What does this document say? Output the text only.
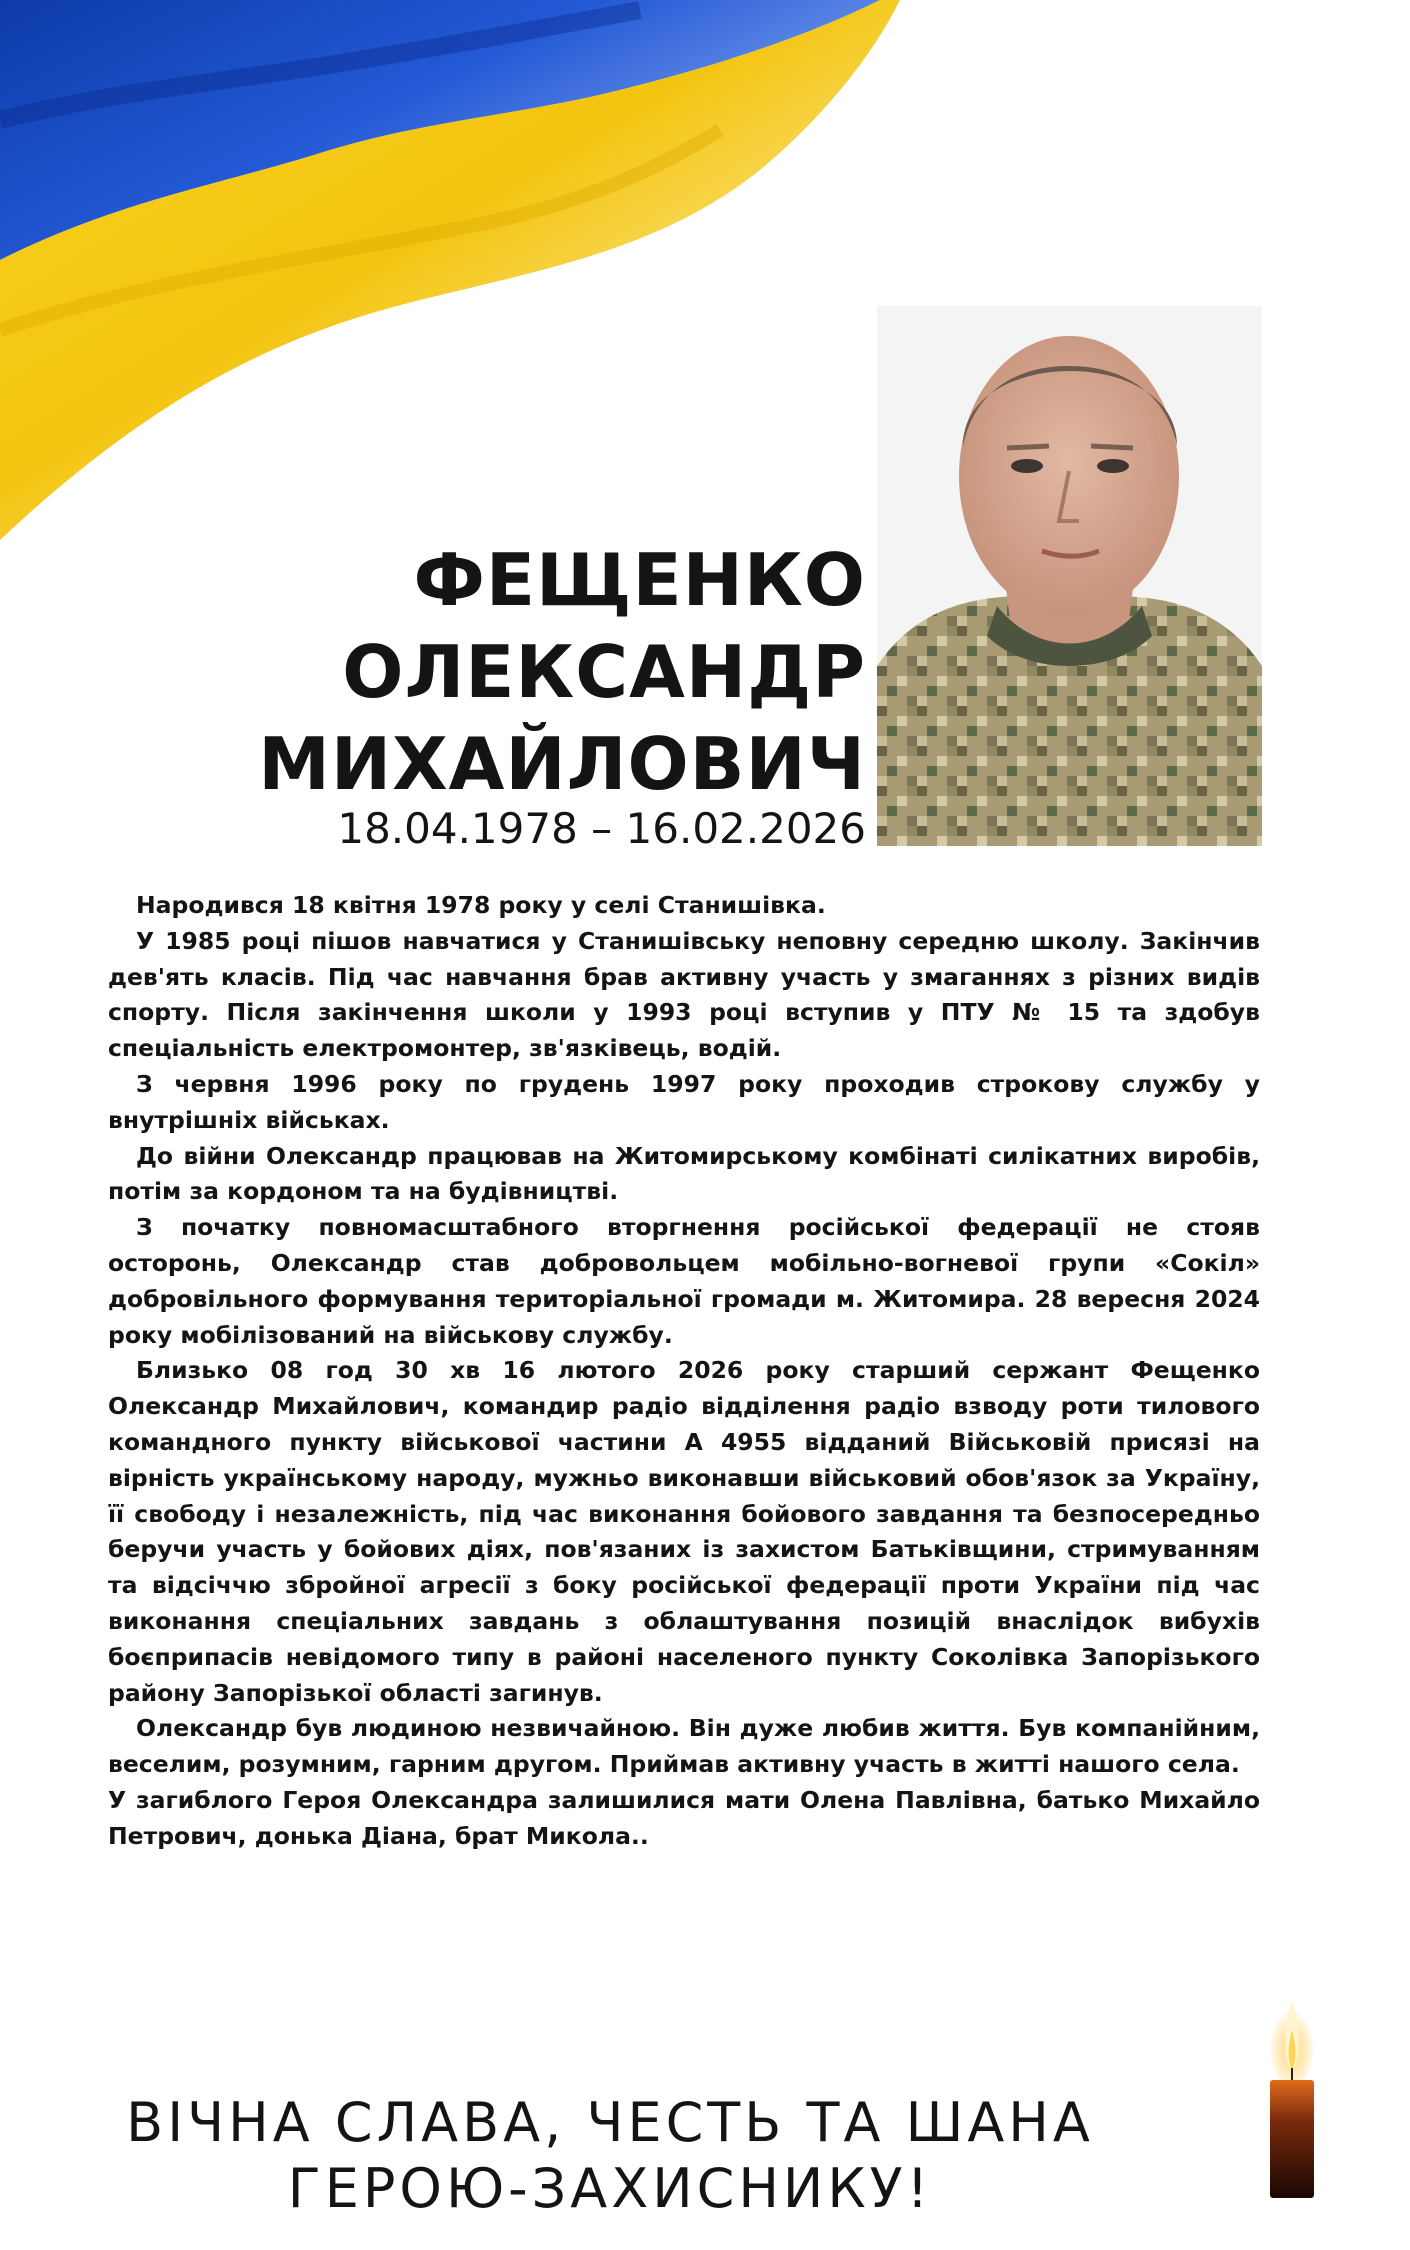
ФЕЩЕНКО
ОЛЕКСАНДР
МИХАЙЛОВИЧ
18.04.1978 – 16.02.2026

Народився 18 квітня 1978 року у селі Станишівка.

У 1985 році пішов навчатися у Станишівську неповну середню школу. Закінчив дев'ять класів. Під час навчання брав активну участь у змаганнях з різних видів спорту. Після закінчення школи у 1993 році вступив у ПТУ № 15 та здобув спеціальність електромонтер, зв'язківець, водій.

З червня 1996 року по грудень 1997 року проходив строкову службу у внутрішніх військах.

До війни Олександр працював на Житомирському комбінаті силікатних виробів, потім за кордоном та на будівництві.

З початку повномасштабного вторгнення російської федерації не стояв осторонь, Олександр став добровольцем мобільно-вогневої групи «Сокіл» добровільного формування територіальної громади м. Житомира. 28 вересня 2024 року мобілізований на військову службу.

Близько 08 год 30 хв 16 лютого 2026 року старший сержант Фещенко Олександр Михайлович, командир радіо відділення радіо взводу роти тилового командного пункту військової частини А 4955 відданий Військовій присязі на вірність українському народу, мужньо виконавши військовий обов'язок за Україну, її свободу і незалежність, під час виконання бойового завдання та безпосередньо беручи участь у бойових діях, пов'язаних із захистом Батьківщини, стримуванням та відсіччю збройної агресії з боку російської федерації проти України під час виконання спеціальних завдань з облаштування позицій внаслідок вибухів боєприпасів невідомого типу в районі населеного пункту Соколівка Запорізького району Запорізької області загинув.

Олександр був людиною незвичайною. Він дуже любив життя. Був компанійним, веселим, розумним, гарним другом. Приймав активну участь в житті нашого села.

У загиблого Героя Олександра залишилися мати Олена Павлівна, батько Михайло Петрович, донька Діана, брат Микола..

ВІЧНА СЛАВА, ЧЕСТЬ ТА ШАНА
ГЕРОЮ-ЗАХИСНИКУ!
